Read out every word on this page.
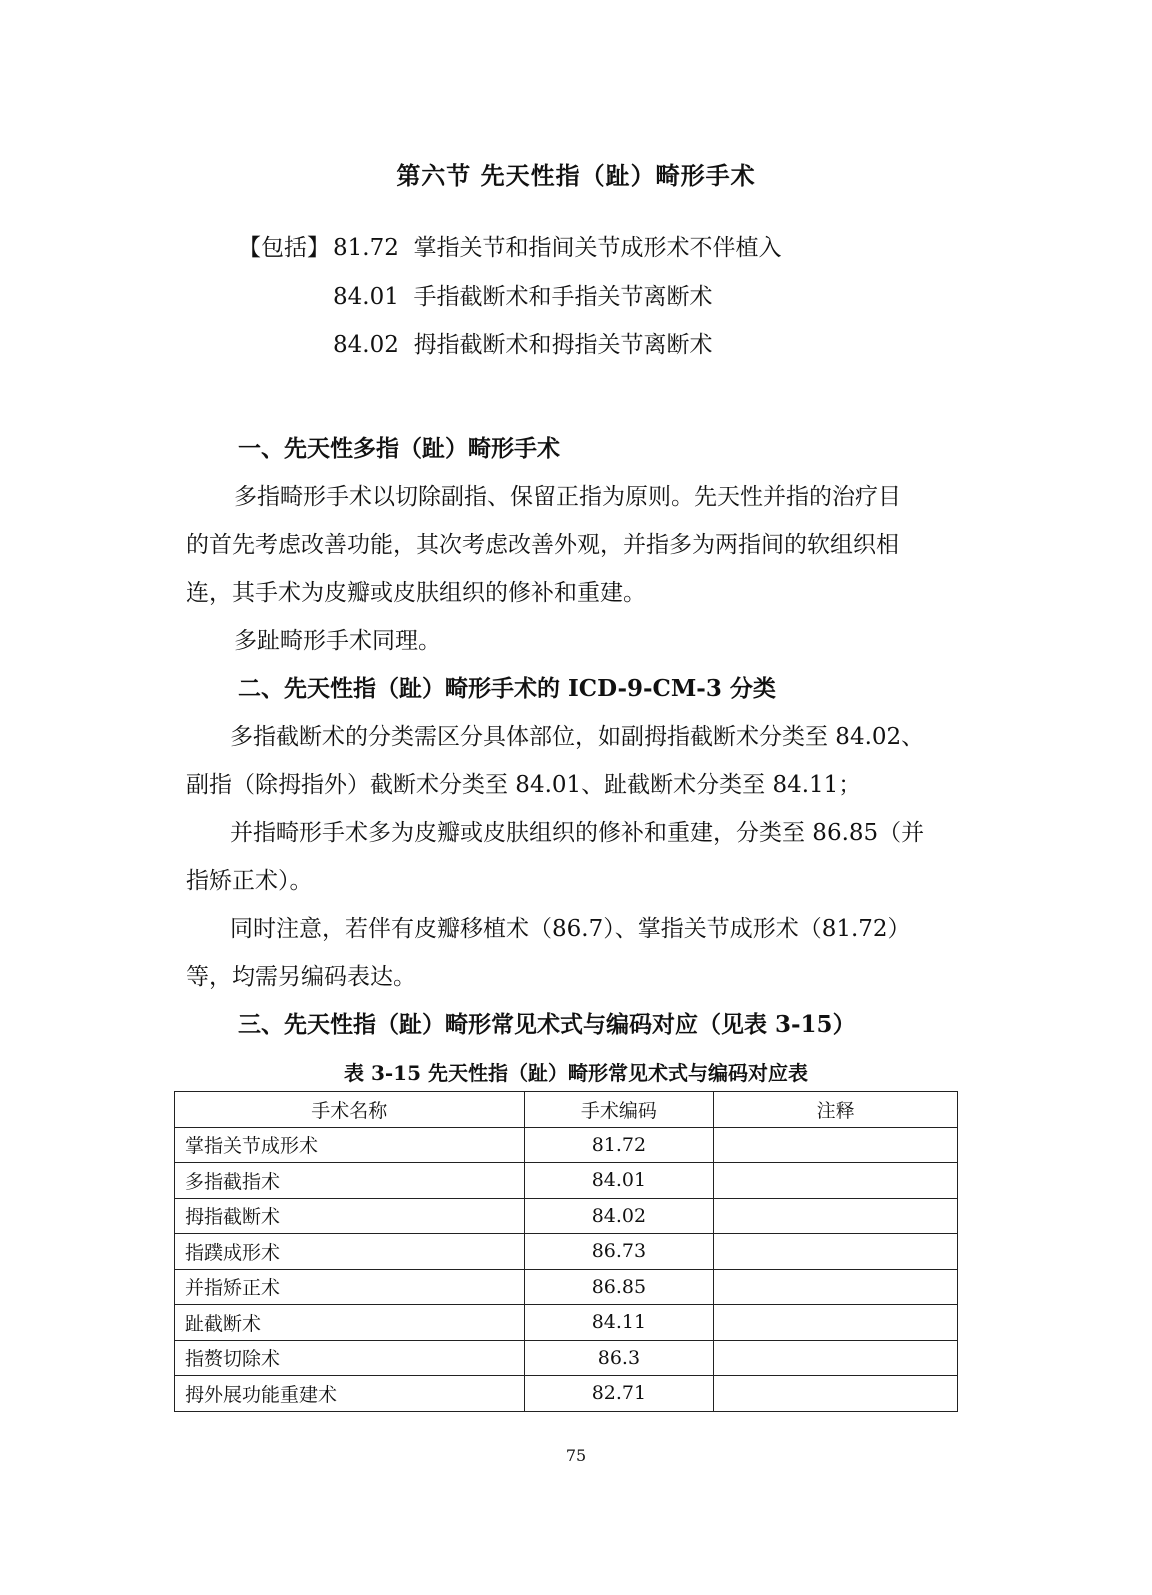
第六节 先天性指（趾）畸形手术
【包括】 81.72 掌指关节和指间关节成形术不伴植入
84.01 手指截断术和手指关节离断术
84.02 拇指截断术和拇指关节离断术
一、先天性多指（趾）畸形手术
多指畸形手术以切除副指、保留正指为原则。先天性并指的治疗目
的首先考虑改善功能，其次考虑改善外观，并指多为两指间的软组织相
连，其手术为皮瓣或皮肤组织的修补和重建。
多趾畸形手术同理。
二、先天性指（趾）畸形手术的 ICD-9-CM-3 分类
多指截断术的分类需区分具体部位，如副拇指截断术分类至 84.02、
副指（除拇指外）截断术分类至 84.01、趾截断术分类至 84.11；
并指畸形手术多为皮瓣或皮肤组织的修补和重建，分类至 86.85（并
指矫正术）。
同时注意，若伴有皮瓣移植术（86.7）、掌指关节成形术（81.72）
等，均需另编码表达。
三、先天性指（趾）畸形常见术式与编码对应（见表 3-15）
表 3-15 先天性指（趾）畸形常见术式与编码对应表
手术名称	手术编码	注释
掌指关节成形术	81.72	
多指截指术	84.01	
拇指截断术	84.02	
指蹼成形术	86.73	
并指矫正术	86.85	
趾截断术	84.11	
指赘切除术	86.3	
拇外展功能重建术	82.71	
75
